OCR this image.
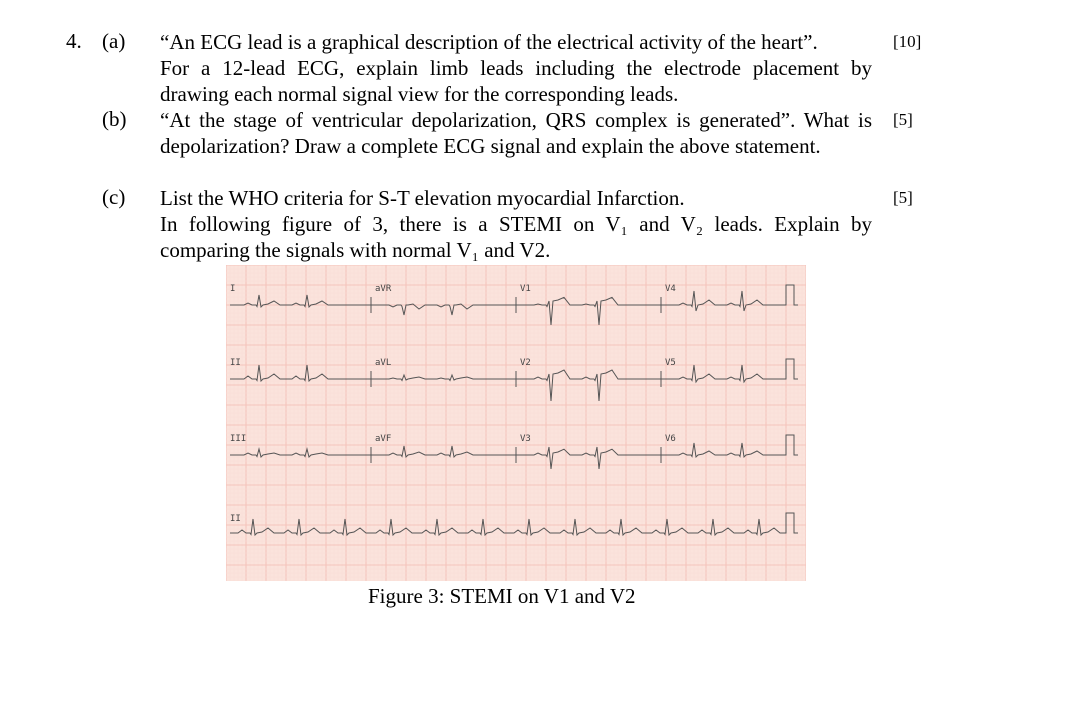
4. (a) “An ECG lead is a graphical description of the electrical activity of the heart”.
For a 12-lead ECG, explain limb leads including the electrode placement by drawing each normal signal view for the corresponding leads.
[10]
(b) “At the stage of ventricular depolarization, QRS complex is generated”. What is depolarization? Draw a complete ECG signal and explain the above statement.
[5]
(c) List the WHO criteria for S-T elevation myocardial Infarction.
In following figure of 3, there is a STEMI on V₁ and V₂ leads. Explain by comparing the signals with normal V₁ and V2.
[5]
I	aVR	V1	V4
II	aVL	V2	V5
III	aVF	V3	V6
II
Figure 3: STEMI on V1 and V2
